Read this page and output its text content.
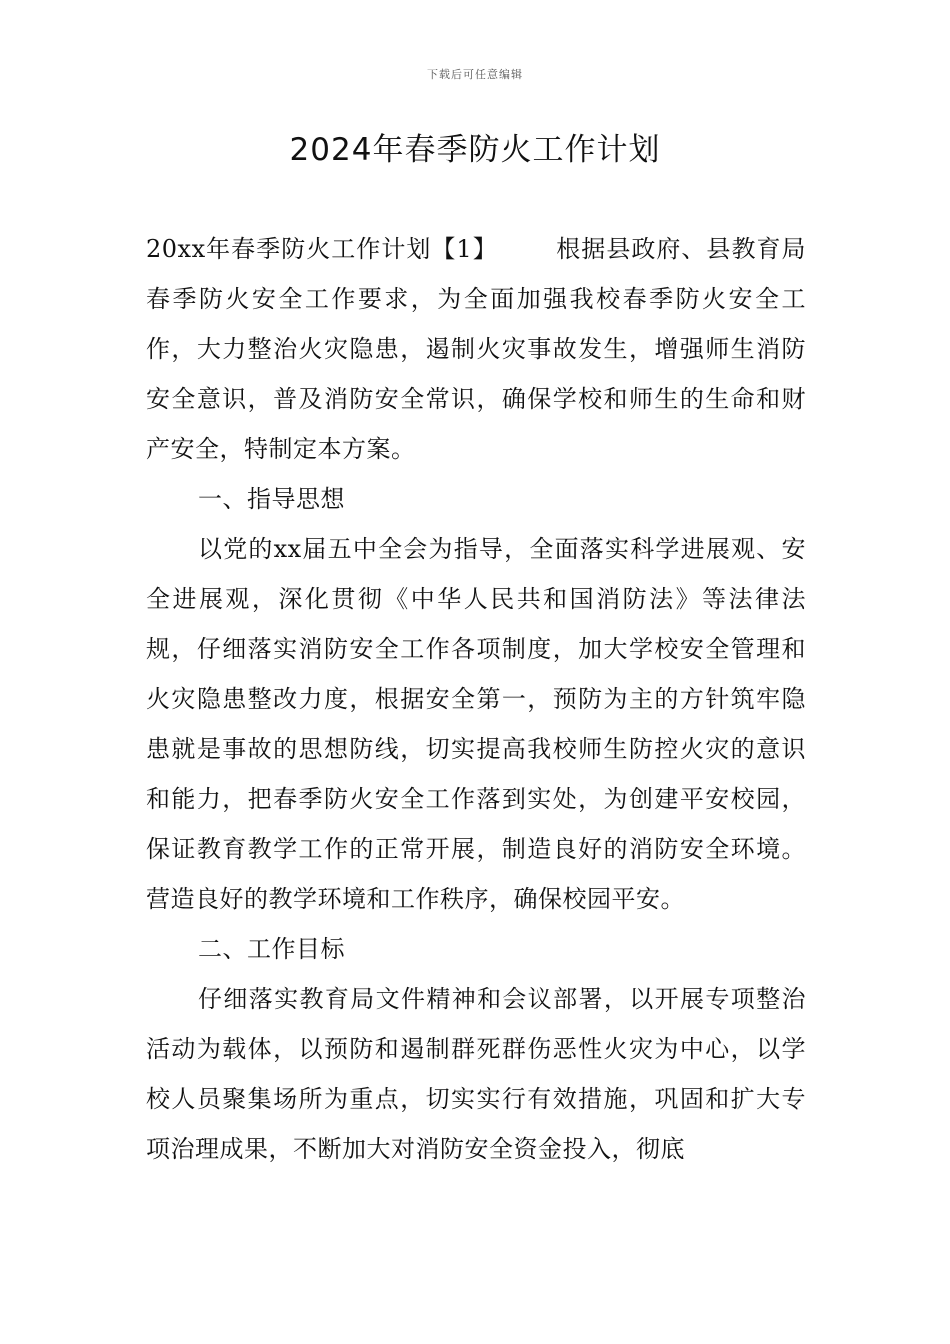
下载后可任意编辑
2024年春季防火工作计划

20xx年春季防火工作计划【1】 根据县政府、县教育局春季防火安全工作要求，为全面加强我校春季防火安全工作，大力整治火灾隐患，遏制火灾事故发生，增强师生消防安全意识，普及消防安全常识，确保学校和师生的生命和财产安全，特制定本方案。

一、指导思想

以党的xx届五中全会为指导，全面落实科学进展观、安全进展观，深化贯彻《中华人民共和国消防法》等法律法规，仔细落实消防安全工作各项制度，加大学校安全管理和火灾隐患整改力度，根据安全第一，预防为主的方针筑牢隐患就是事故的思想防线，切实提高我校师生防控火灾的意识和能力，把春季防火安全工作落到实处，为创建平安校园，保证教育教学工作的正常开展，制造良好的消防安全环境。营造良好的教学环境和工作秩序，确保校园平安。

二、工作目标

仔细落实教育局文件精神和会议部署，以开展专项整治活动为载体，以预防和遏制群死群伤恶性火灾为中心，以学校人员聚集场所为重点，切实实行有效措施，巩固和扩大专项治理成果，不断加大对消防安全资金投入，彻底
